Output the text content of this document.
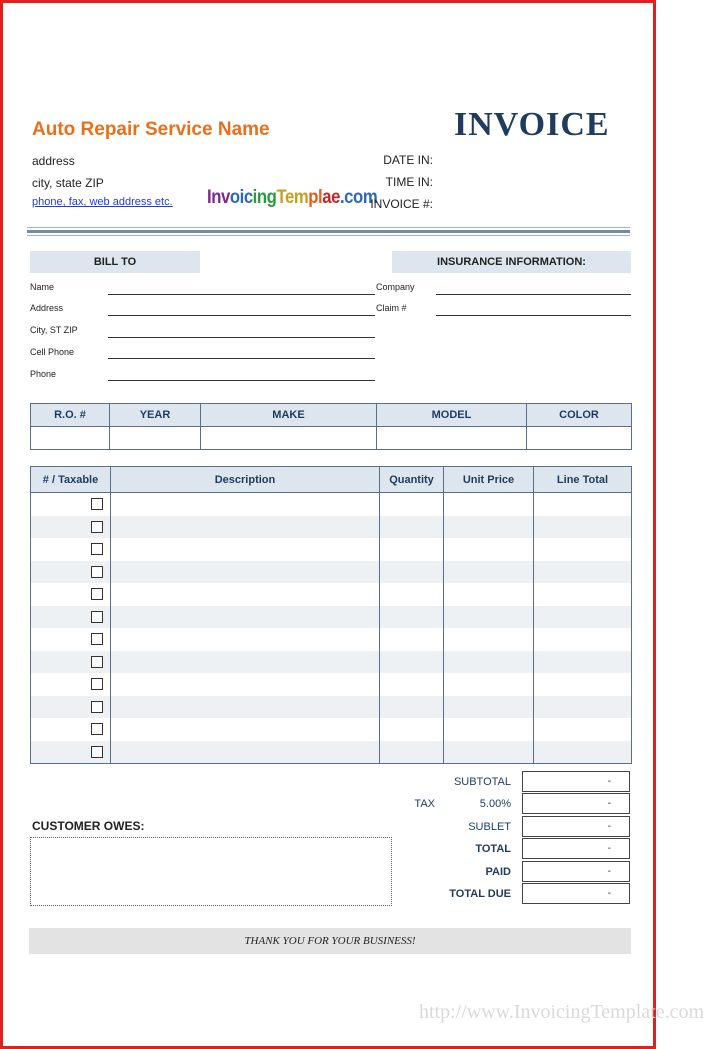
Auto Repair Service Name	INVOICE
address
city, state ZIP
phone, fax, web address etc. InvoicingTemplae.com
DATE IN:
TIME IN:
INVOICE #:
BILL TO	INSURANCE INFORMATION:
Name
Address
City, ST ZIP
Cell Phone
Phone
Company
Claim #
R.O. #	YEAR	MAKE	MODEL	COLOR

# / Taxable	Description	Quantity	Unit Price	Line Total

SUBTOTAL	-
TAX	5.00%	-
SUBLET	-
TOTAL	-
PAID	-
TOTAL DUE	-
CUSTOMER OWES:
THANK YOU FOR YOUR BUSINESS!
http://www.InvoicingTemplate.com
